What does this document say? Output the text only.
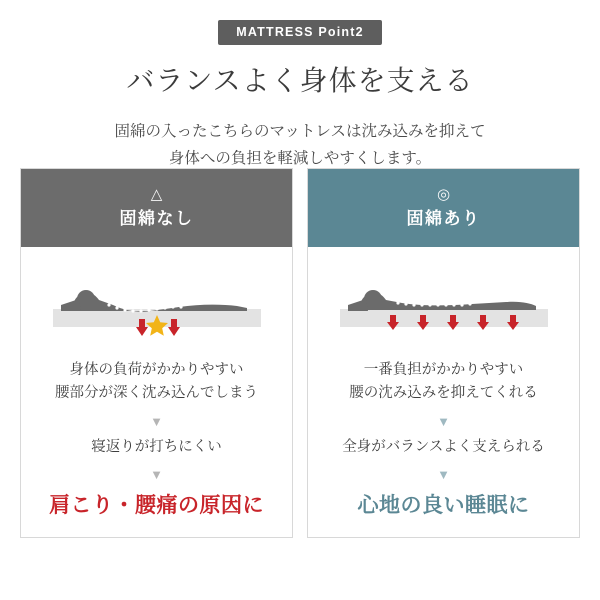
MATTRESS Point2
バランスよく身体を支える
固綿の入ったこちらのマットレスは沈み込みを抑えて
身体への負担を軽減しやすくします。
△
固綿なし
身体の負荷がかかりやすい
腰部分が深く沈み込んでしまう
▼
寝返りが打ちにくい
▼
肩こり・腰痛の原因に
◎
固綿あり
一番負担がかかりやすい
腰の沈み込みを抑えてくれる
▼
全身がバランスよく支えられる
▼
心地の良い睡眠に
